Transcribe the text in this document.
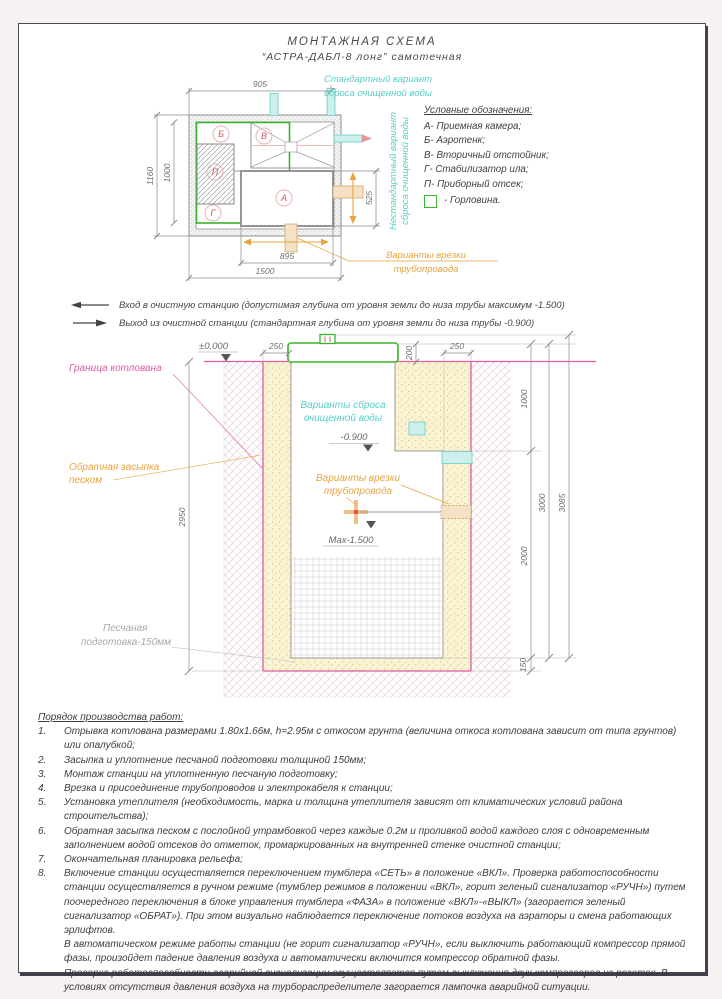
МОНТАЖНАЯ СХЕМА
“АСТРА-ДАБЛ-8 лонг” самотечная
Б	В
П
Г
А
905
1160 1000
525
895
1500
Стандартный вариант
сброса очищенной воды
Нестандартный вариант сброса очищенной воды
Варианты врезки
трубопровода
Условные обозначения:
А- Приемная камера;
Б- Аэротенк;
В- Вторичный отстойник;
Г- Стабилизатор ила;
П- Приборный отсек;
- Горловина.
Вход в очистную станцию (допустимая глубина от уровня земли до низа трубы максимум -1.500)
Выход из очистной станции (стандартная глубина от уровня земли до низа трубы -0.900)
250	250
200
1000
2000
150
3000 3085
2950
±0.000
-0.900
Max-1.500
Варианты сброса
очищенной воды
Варианты врезки
трубопровода
Граница котлована
Обратная засыпка
песком
Песчаная
подготовка-150мм
Порядок производства работ:
1.	Отрывка котлована размерами 1.80х1.66м, h=2.95м с откосом грунта (величина откоса котлована зависит от типа грунтов) или опалубкой;
2.	Засыпка и уплотнение песчаной подготовки толщиной 150мм;
3.	Монтаж станции на уплотненную песчаную подготовку;
4.	Врезка и присоединение трубопроводов и электрокабеля к станции;
5.	Установка утеплителя (необходимость, марка и толщина утеплителя зависят от климатических условий района строительства);
6.	Обратная засыпка песком с послойной утрамбовкой через каждые 0.2м и проливкой водой каждого слоя с одновременным заполнением водой отсеков до отметок, промаркированных на внутренней стенке очистной станции;
7.	Окончательная планировка рельефа;
8.	Включение станции осуществляется переключением тумблера «СЕТЬ» в положение «ВКЛ». Проверка работоспособности станции осуществляется в ручном режиме (тумблер режимов в положении «ВКЛ», горит зеленый сигнализатор «РУЧН») путем поочередного переключения в блоке управления тумблера «ФАЗА» в положение «ВКЛ»-«ВЫКЛ» (загорается зеленый сигнализатор «ОБРАТ»). При этом визуально наблюдается переключение потоков воздуха на аэраторы и смена работающих эрлифтов.
В автоматическом режиме работы станции (не горит сигнализатор «РУЧН», если выключить работающий компрессор прямой фазы, произойдет падение давления воздуха и автоматически включится компрессор обратной фазы.
Проверка работоспособности аварийной сигнализации осуществляется путем выключения двух компрессоров из розеток. В условиях отсутствия давления воздуха на турбораспределителе загорается лампочка аварийной ситуации.
